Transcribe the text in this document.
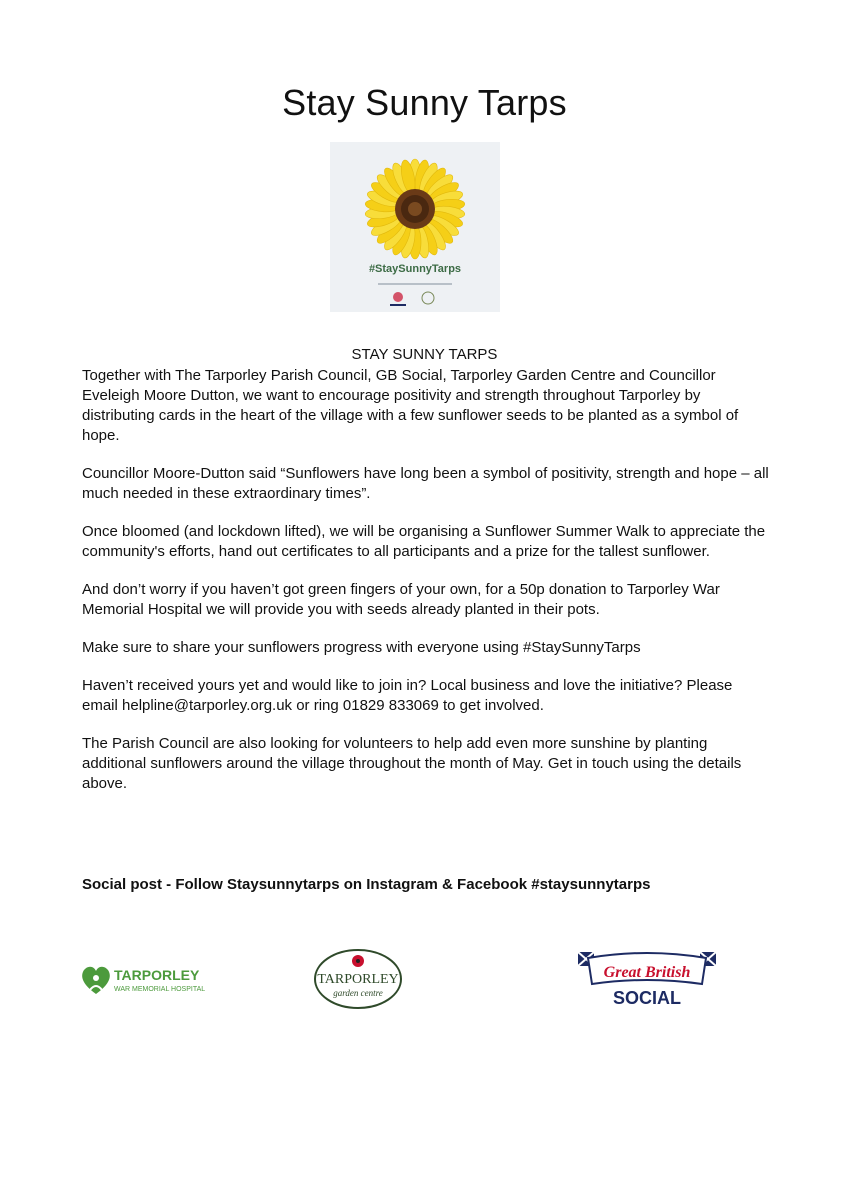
Stay Sunny Tarps
#StaySunnyTarps
STAY SUNNY TARPS

Together with The Tarporley Parish Council, GB Social, Tarporley Garden Centre and Councillor Eveleigh Moore Dutton, we want to encourage positivity and strength throughout Tarporley by distributing cards in the heart of the village with a few sunflower seeds to be planted as a symbol of hope.

Councillor Moore-Dutton said “Sunflowers have long been a symbol of positivity, strength and hope – all much needed in these extraordinary times”.

Once bloomed (and lockdown lifted), we will be organising a Sunflower Summer Walk to appreciate the community's efforts, hand out certificates to all participants and a prize for the tallest sunflower.

And don’t worry if you haven’t got green fingers of your own, for a 50p donation to Tarporley War Memorial Hospital we will provide you with seeds already planted in their pots.

Make sure to share your sunflowers progress with everyone using #StaySunnyTarps

Haven’t received yours yet and would like to join in? Local business and love the initiative? Please email helpline@tarporley.org.uk or ring 01829 833069 to get involved.

The Parish Council are also looking for volunteers to help add even more sunshine by planting additional sunflowers around the village throughout the month of May. Get in touch using the details above.

Social post - Follow Staysunnytarps on Instagram & Facebook #staysunnytarps
TARPORLEY
WAR MEMORIAL HOSPITAL
TARPORLEY
garden centre
Great British
SOCIAL
